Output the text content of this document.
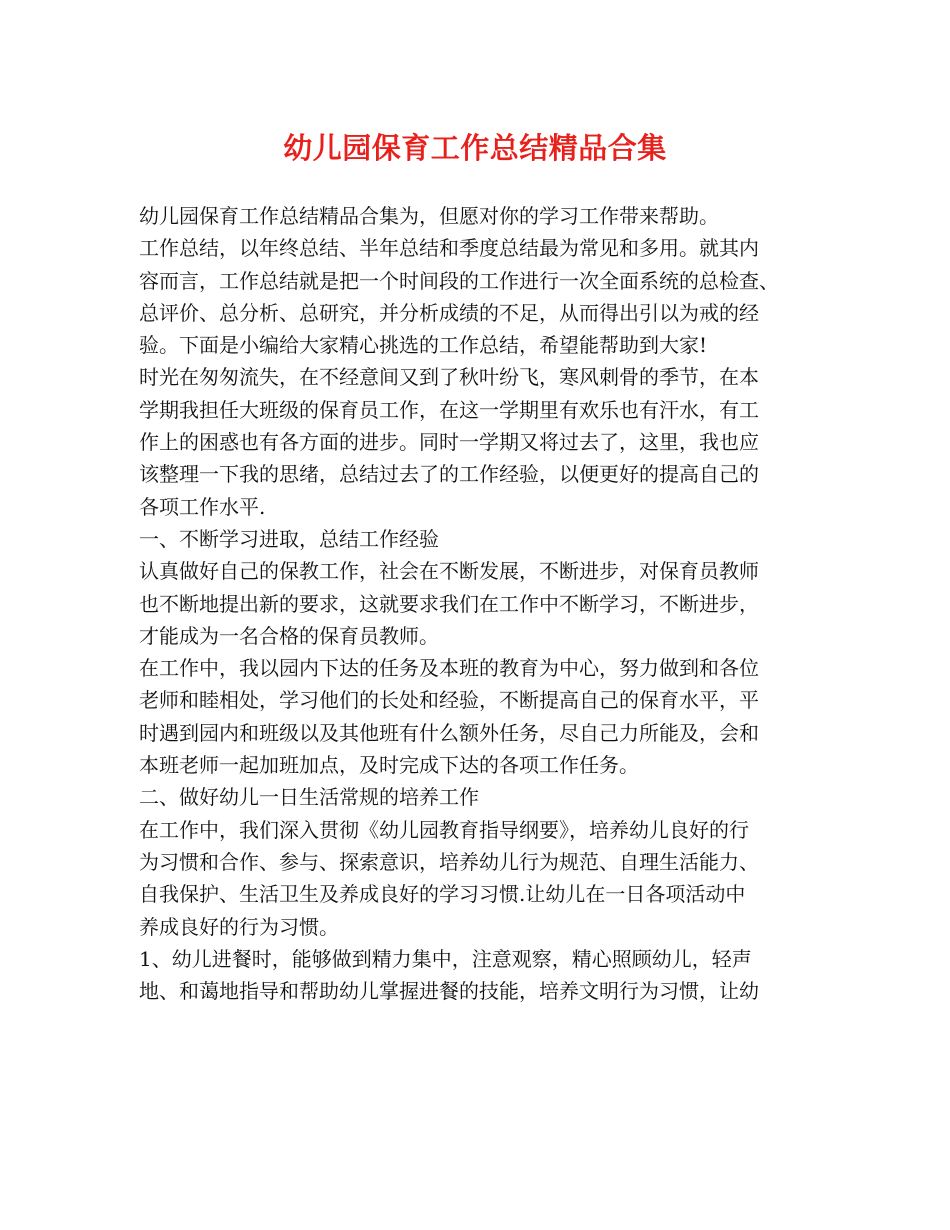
幼儿园保育工作总结精品合集
幼儿园保育工作总结精品合集为，但愿对你的学习工作带来帮助。
工作总结，以年终总结、半年总结和季度总结最为常见和多用。就其内
容而言，工作总结就是把一个时间段的工作进行一次全面系统的总检查、
总评价、总分析、总研究，并分析成绩的不足，从而得出引以为戒的经
验。下面是小编给大家精心挑选的工作总结，希望能帮助到大家!
时光在匆匆流失，在不经意间又到了秋叶纷飞，寒风刺骨的季节，在本
学期我担任大班级的保育员工作，在这一学期里有欢乐也有汗水，有工
作上的困惑也有各方面的进步。同时一学期又将过去了，这里，我也应
该整理一下我的思绪，总结过去了的工作经验，以便更好的提高自己的
各项工作水平.
一、不断学习进取，总结工作经验
认真做好自己的保教工作，社会在不断发展，不断进步，对保育员教师
也不断地提出新的要求，这就要求我们在工作中不断学习，不断进步，
才能成为一名合格的保育员教师。
在工作中，我以园内下达的任务及本班的教育为中心，努力做到和各位
老师和睦相处，学习他们的长处和经验，不断提高自己的保育水平，平
时遇到园内和班级以及其他班有什么额外任务，尽自己力所能及，会和
本班老师一起加班加点，及时完成下达的各项工作任务。
二、做好幼儿一日生活常规的培养工作
在工作中，我们深入贯彻《幼儿园教育指导纲要》，培养幼儿良好的行
为习惯和合作、参与、探索意识，培养幼儿行为规范、自理生活能力、
自我保护、生活卫生及养成良好的学习习惯.让幼儿在一日各项活动中
养成良好的行为习惯。
1、幼儿进餐时，能够做到精力集中，注意观察，精心照顾幼儿，轻声
地、和蔼地指导和帮助幼儿掌握进餐的技能，培养文明行为习惯，让幼
